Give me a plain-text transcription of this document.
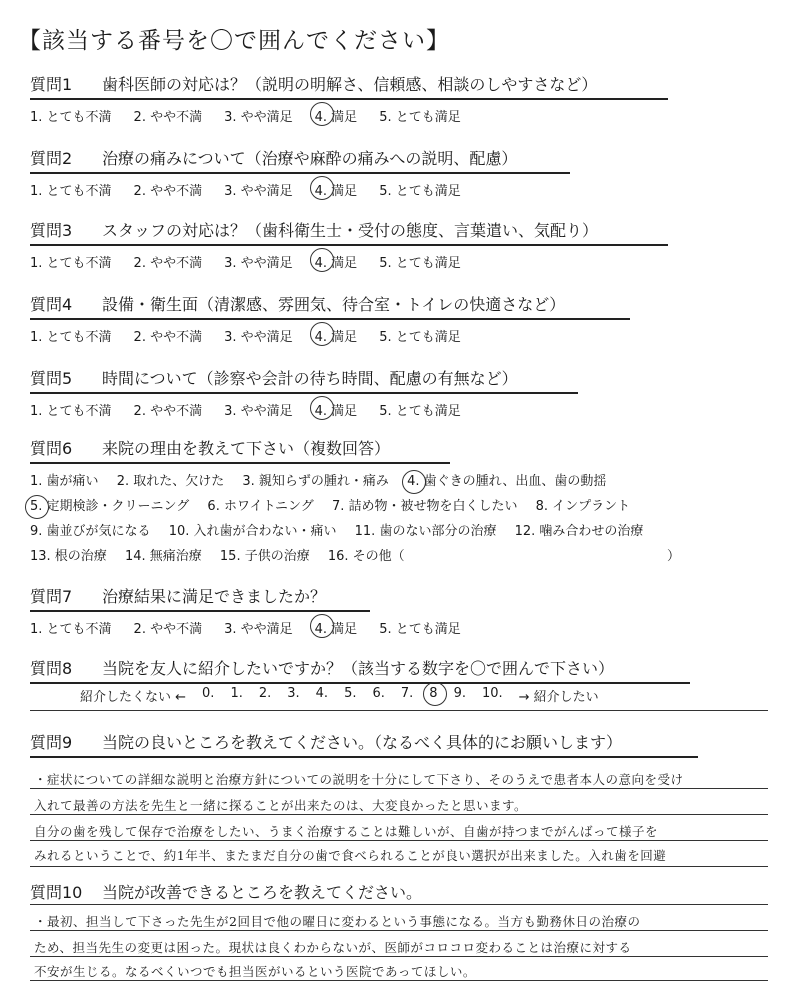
【該当する番号を〇で囲んでください】
質問1	歯科医師の対応は？（説明の明解さ、信頼感、相談のしやすさなど）
1. とても不満 2. やや不満 3. やや満足 4. 満足 5. とても満足
質問2	治療の痛みについて（治療や麻酔の痛みへの説明、配慮）
1. とても不満 2. やや不満 3. やや満足 4. 満足 5. とても満足
質問3	スタッフの対応は？（歯科衛生士・受付の態度、言葉遣い、気配り）
1. とても不満 2. やや不満 3. やや満足 4. 満足 5. とても満足
質問4	設備・衛生面（清潔感、雰囲気、待合室・トイレの快適さなど）
1. とても不満 2. やや不満 3. やや満足 4. 満足 5. とても満足
質問5	時間について（診察や会計の待ち時間、配慮の有無など）
1. とても不満 2. やや不満 3. やや満足 4. 満足 5. とても満足
質問6	来院の理由を教えて下さい（複数回答）
1. 歯が痛い 2. 取れた、欠けた 3. 親知らずの腫れ・痛み 4. 歯ぐきの腫れ、出血、歯の動揺
5. 定期検診・クリーニング 6. ホワイトニング 7. 詰め物・被せ物を白くしたい 8. インプラント
9. 歯並びが気になる 10. 入れ歯が合わない・痛い 11. 歯のない部分の治療 12. 噛み合わせの治療
13. 根の治療 14. 無痛治療 15. 子供の治療 16. その他（	）
質問7	治療結果に満足できましたか？
1. とても不満 2. やや不満 3. やや満足 4. 満足 5. とても満足
質問8	当院を友人に紹介したいですか？（該当する数字を〇で囲んで下さい）
紹介したくない ← 0. 1. 2. 3. 4. 5. 6. 7. 8 9. 10. → 紹介したい
質問9	当院の良いところを教えてください。（なるべく具体的にお願いします）
・症状についての詳細な説明と治療方針についての説明を十分にして下さり、そのうえで患者本人の意向を受け
入れて最善の方法を先生と一緒に探ることが出来たのは、大変良かったと思います。
自分の歯を残して保存で治療をしたい、うまく治療することは難しいが、自歯が持つまでがんばって様子を
みれるということで、約1年半、またまだ自分の歯で食べられることが良い選択が出来ました。入れ歯を回避
質問10	当院が改善できるところを教えてください。
・最初、担当して下さった先生が2回目で他の曜日に変わるという事態になる。当方も勤務休日の治療の
ため、担当先生の変更は困った。現状は良くわからないが、医師がコロコロ変わることは治療に対する
不安が生じる。なるべくいつでも担当医がいるという医院であってほしい。
